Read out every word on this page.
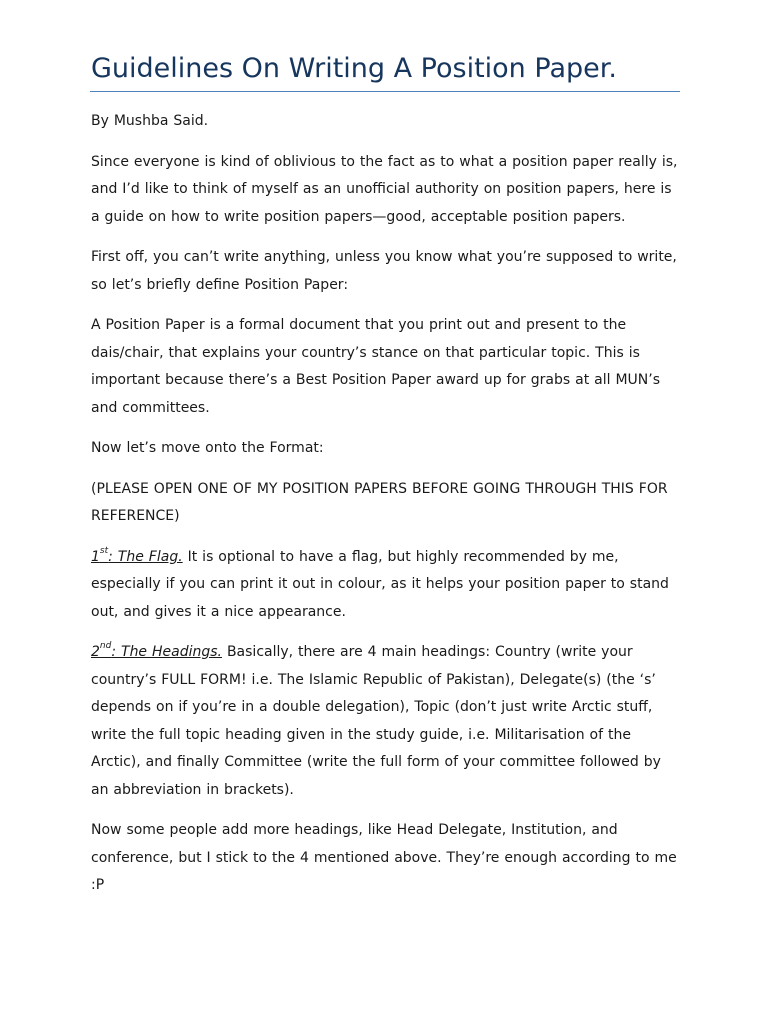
Guidelines On Writing A Position Paper.

By Mushba Said.

Since everyone is kind of oblivious to the fact as to what a position paper really is, and I’d like to think of myself as an unofficial authority on position papers, here is a guide on how to write position papers—good, acceptable position papers.

First off, you can’t write anything, unless you know what you’re supposed to write, so let’s briefly define Position Paper:

A Position Paper is a formal document that you print out and present to the dais/chair, that explains your country’s stance on that particular topic. This is important because there’s a Best Position Paper award up for grabs at all MUN’s and committees.

Now let’s move onto the Format:

(PLEASE OPEN ONE OF MY POSITION PAPERS BEFORE GOING THROUGH THIS FOR REFERENCE)

1st: The Flag. It is optional to have a flag, but highly recommended by me, especially if you can print it out in colour, as it helps your position paper to stand out, and gives it a nice appearance.

2nd: The Headings. Basically, there are 4 main headings: Country (write your country’s FULL FORM! i.e. The Islamic Republic of Pakistan), Delegate(s) (the ‘s’ depends on if you’re in a double delegation), Topic (don’t just write Arctic stuff, write the full topic heading given in the study guide, i.e. Militarisation of the Arctic), and finally Committee (write the full form of your committee followed by an abbreviation in brackets).

Now some people add more headings, like Head Delegate, Institution, and conference, but I stick to the 4 mentioned above. They’re enough according to me :P
